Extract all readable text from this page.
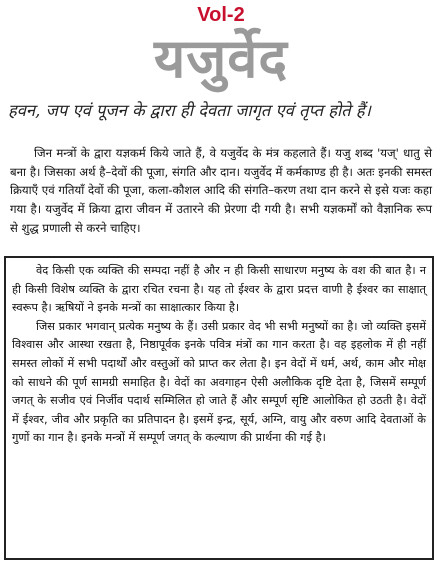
Vol-2
यजुर्वेद
हवन, जप एवं पूजन के द्वारा ही देवता जागृत एवं तृप्त होते हैं।
जिन मन्त्रों के द्वारा यज्ञकर्म किये जाते हैं, वे यजुर्वेद के मंत्र कहलाते हैं। यजु शब्द 'यज्' धातु से बना है। जिसका अर्थ है–देवों की पूजा, संगति और दान। यजुर्वेद में कर्मकाण्ड ही है। अतः इनकी समस्त क्रियाएँ एवं गतियाँ देवों की पूजा, कला-कौशल आदि की संगति–करण तथा दान करने से इसे यजः कहा गया है। यजुर्वेद में क्रिया द्वारा जीवन में उतारने की प्रेरणा दी गयी है। सभी यज्ञकर्मों को वैज्ञानिक रूप से शुद्ध प्रणाली से करने चाहिए।

वेद किसी एक व्यक्ति की सम्पदा नहीं है और न ही किसी साधारण मनुष्य के वश की बात है। न ही किसी विशेष व्यक्ति के द्वारा रचित रचना है। यह तो ईश्वर के द्वारा प्रदत्त वाणी है ईश्वर का साक्षात् स्वरूप है। ऋषियों ने इनके मन्त्रों का साक्षात्कार किया है।

जिस प्रकार भगवान् प्रत्येक मनुष्य के हैं। उसी प्रकार वेद भी सभी मनुष्यों का है। जो व्यक्ति इसमें विश्वास और आस्था रखता है, निष्ठापूर्वक इनके पवित्र मंत्रों का गान करता है। वह इहलोक में ही नहीं समस्त लोकों में सभी पदार्थों और वस्तुओं को प्राप्त कर लेता है। इन वेदों में धर्म, अर्थ, काम और मोक्ष को साधने की पूर्ण सामग्री समाहित है। वेदों का अवगाहन ऐसी अलौकिक दृष्टि देता है, जिसमें सम्पूर्ण जगत् के सजीव एवं निर्जीव पदार्थ सम्मिलित हो जाते हैं और सम्पूर्ण सृष्टि आलोकित हो उठती है। वेदों में ईश्वर, जीव और प्रकृति का प्रतिपादन है। इसमें इन्द्र, सूर्य, अग्नि, वायु और वरुण आदि देवताओं के गुणों का गान है। इनके मन्त्रों में सम्पूर्ण जगत् के कल्याण की प्रार्थना की गई है।
